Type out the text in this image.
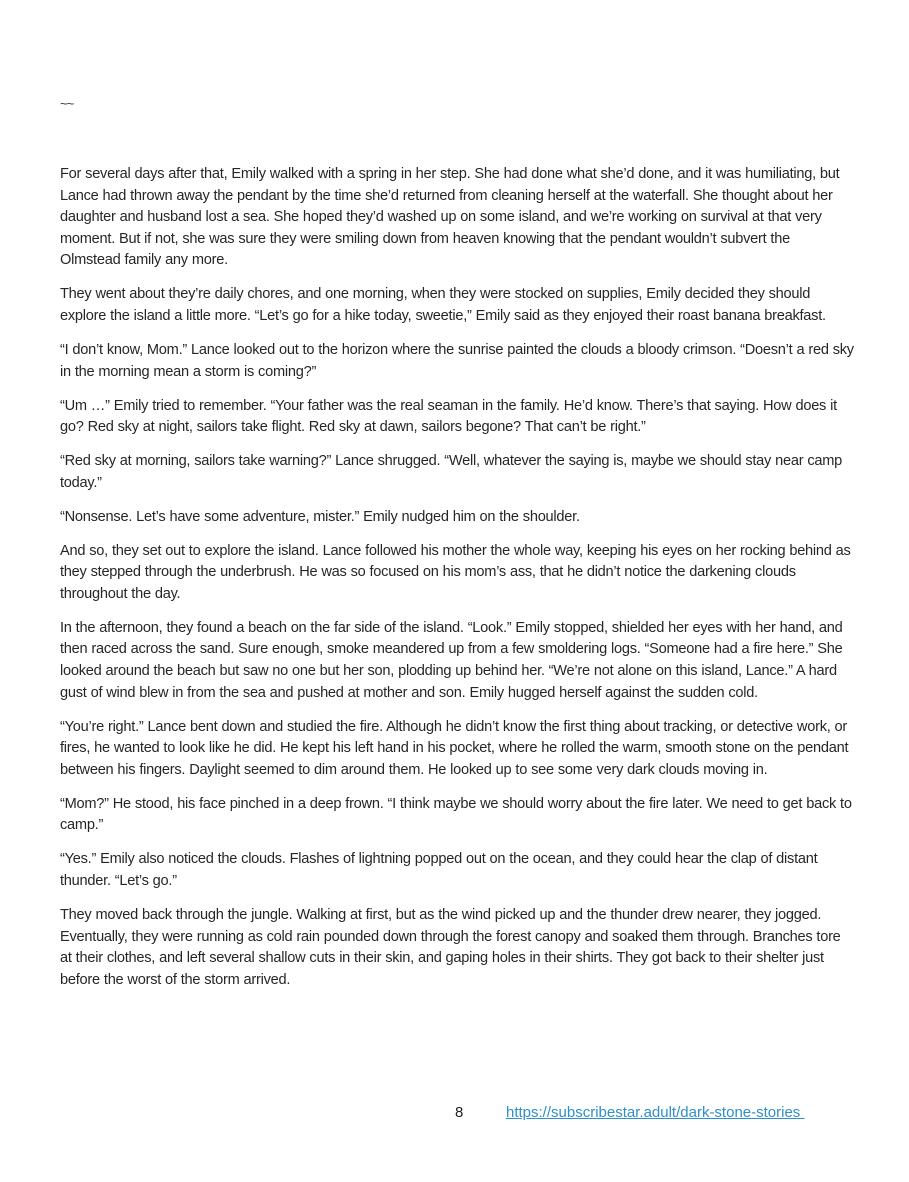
~~

For several days after that, Emily walked with a spring in her step. She had done what she’d done, and it was humiliating, but Lance had thrown away the pendant by the time she’d returned from cleaning herself at the waterfall. She thought about her daughter and husband lost a sea. She hoped they’d washed up on some island, and we’re working on survival at that very moment. But if not, she was sure they were smiling down from heaven knowing that the pendant wouldn’t subvert the Olmstead family any more.

They went about they’re daily chores, and one morning, when they were stocked on supplies, Emily decided they should explore the island a little more. “Let’s go for a hike today, sweetie,” Emily said as they enjoyed their roast banana breakfast.

“I don’t know, Mom.” Lance looked out to the horizon where the sunrise painted the clouds a bloody crimson. “Doesn’t a red sky in the morning mean a storm is coming?”

“Um …” Emily tried to remember. “Your father was the real seaman in the family. He’d know. There’s that saying. How does it go? Red sky at night, sailors take flight. Red sky at dawn, sailors begone? That can’t be right.”

“Red sky at morning, sailors take warning?” Lance shrugged. “Well, whatever the saying is, maybe we should stay near camp today.”

“Nonsense. Let’s have some adventure, mister.” Emily nudged him on the shoulder.

And so, they set out to explore the island. Lance followed his mother the whole way, keeping his eyes on her rocking behind as they stepped through the underbrush. He was so focused on his mom’s ass, that he didn’t notice the darkening clouds throughout the day.

In the afternoon, they found a beach on the far side of the island. “Look.” Emily stopped, shielded her eyes with her hand, and then raced across the sand. Sure enough, smoke meandered up from a few smoldering logs. “Someone had a fire here.” She looked around the beach but saw no one but her son, plodding up behind her. “We’re not alone on this island, Lance.” A hard gust of wind blew in from the sea and pushed at mother and son. Emily hugged herself against the sudden cold.

“You’re right.” Lance bent down and studied the fire. Although he didn’t know the first thing about tracking, or detective work, or fires, he wanted to look like he did. He kept his left hand in his pocket, where he rolled the warm, smooth stone on the pendant between his fingers. Daylight seemed to dim around them. He looked up to see some very dark clouds moving in.

“Mom?” He stood, his face pinched in a deep frown. “I think maybe we should worry about the fire later. We need to get back to camp.”

“Yes.” Emily also noticed the clouds. Flashes of lightning popped out on the ocean, and they could hear the clap of distant thunder. “Let’s go.”

They moved back through the jungle. Walking at first, but as the wind picked up and the thunder drew nearer, they jogged. Eventually, they were running as cold rain pounded down through the forest canopy and soaked them through. Branches tore at their clothes, and left several shallow cuts in their skin, and gaping holes in their shirts. They got back to their shelter just before the worst of the storm arrived.

8	https://subscribestar.adult/dark-stone-stories
